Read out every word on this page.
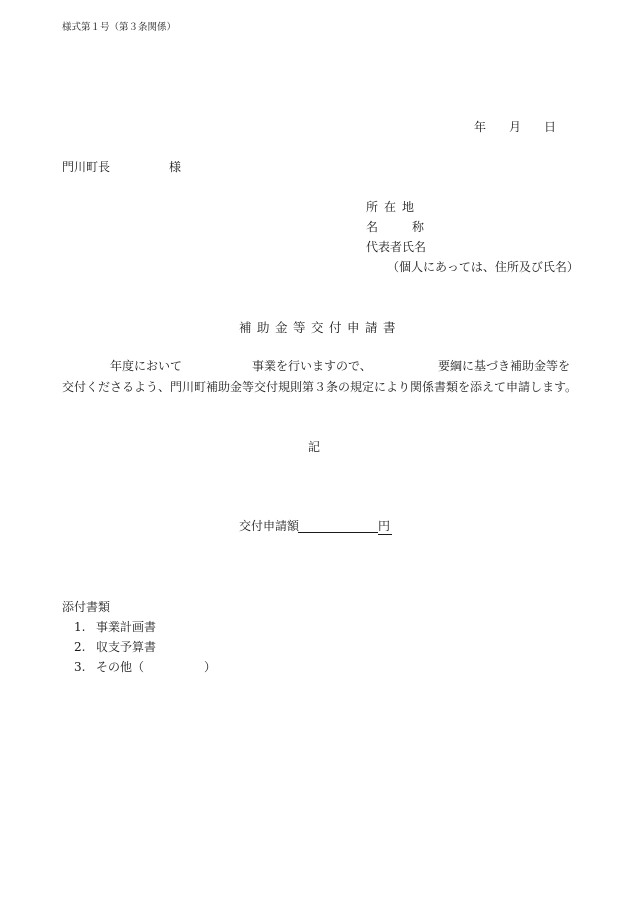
様式第１号（第３条関係）
年 月 日
門川町長	様
所在地
名	称
代表者氏名
（個人にあっては、住所及び氏名）
補助金等交付申請書
年度において	事業を行いますので、	要綱に基づき補助金等を
交付くださるよう、門川町補助金等交付規則第３条の規定により関係書類を添えて申請します。
記
交付申請額	円
添付書類
1. 事業計画書
2. 収支予算書
3. その他（　　　　　）
